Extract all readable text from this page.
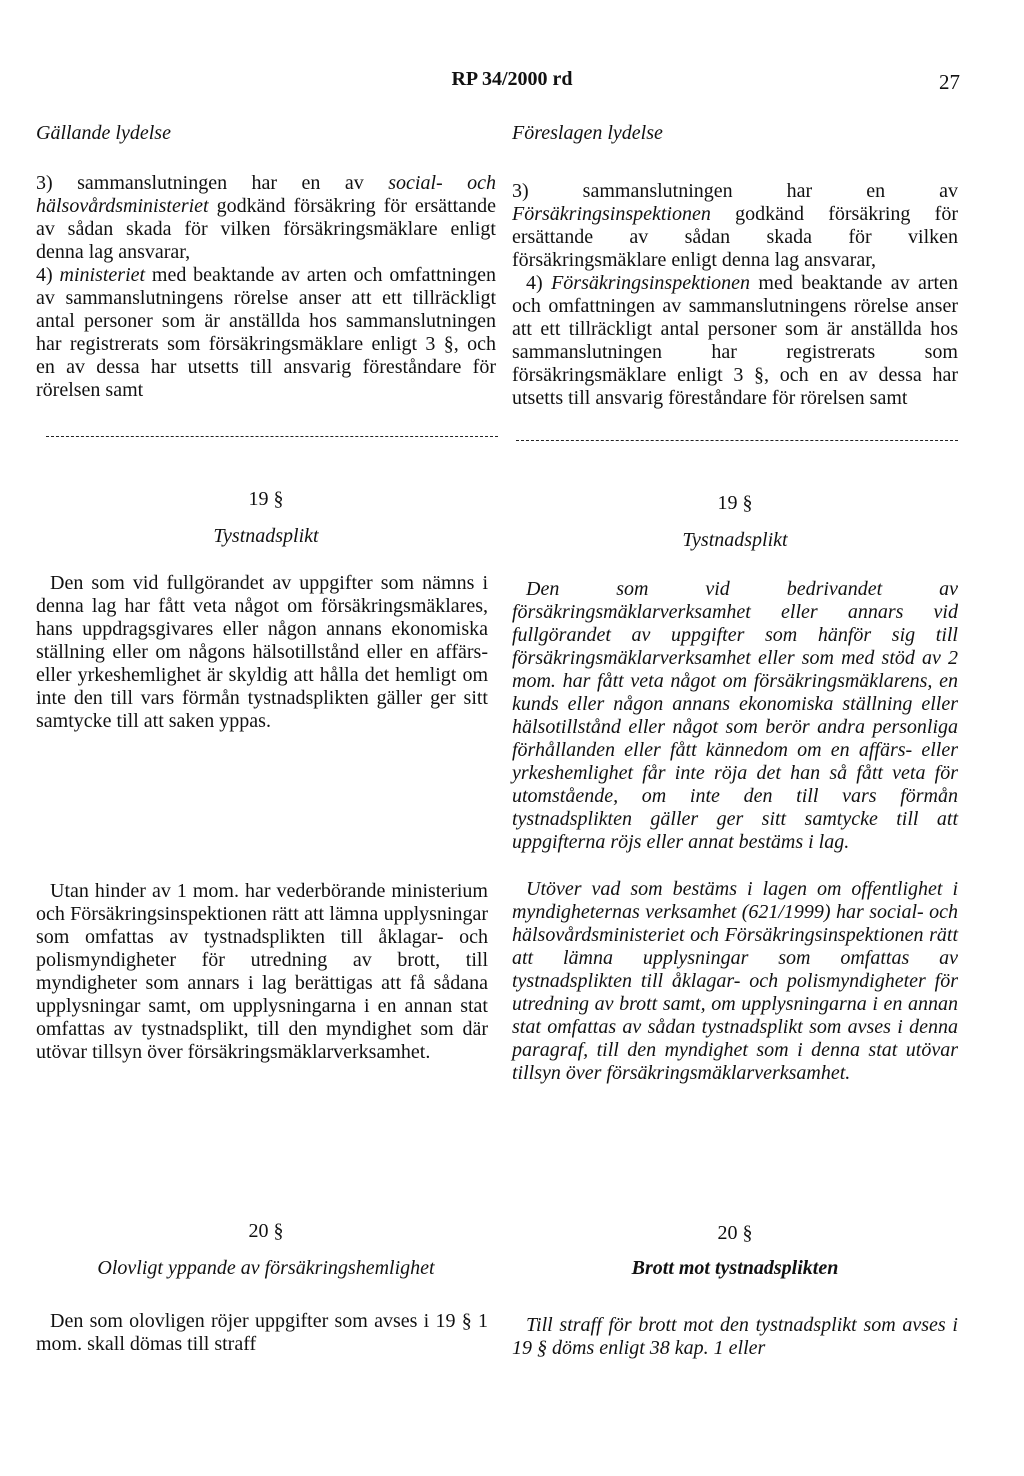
RP 34/2000 rd	27
Gällande lydelse

3) sammanslutningen har en av social- och hälsovårdsministeriet godkänd försäkring för ersättande av sådan skada för vilken försäkringsmäklare enligt denna lag ansvarar,

4) ministeriet med beaktande av arten och omfattningen av sammanslutningens rörelse anser att ett tillräckligt antal personer som är anställda hos sammanslutningen har registrerats som försäkringsmäklare enligt 3 §, och en av dessa har utsetts till ansvarig föreståndare för rörelsen samt

19 §
Tystnadsplikt

Den som vid fullgörandet av uppgifter som nämns i denna lag har fått veta något om försäkringsmäklares, hans uppdragsgivares eller någon annans ekonomiska ställning eller om någons hälsotillstånd eller en affärs- eller yrkeshemlighet är skyldig att hålla det hemligt om inte den till vars förmån tystnadsplikten gäller ger sitt samtycke till att saken yppas.

Utan hinder av 1 mom. har vederbörande ministerium och Försäkringsinspektionen rätt att lämna upplysningar som omfattas av tystnadsplikten till åklagar- och polismyndigheter för utredning av brott, till myndigheter som annars i lag berättigas att få sådana upplysningar samt, om upplysningarna i en annan stat omfattas av tystnadsplikt, till den myndighet som där utövar tillsyn över försäkringsmäklarverksamhet.

20 §
Olovligt yppande av försäkringshemlighet

Den som olovligen röjer uppgifter som avses i 19 § 1 mom. skall dömas till straff

Föreslagen lydelse

3) sammanslutningen har en av Försäkringsinspektionen godkänd försäkring för ersättande av sådan skada för vilken försäkringsmäklare enligt denna lag ansvarar,

4) Försäkringsinspektionen med beaktande av arten och omfattningen av sammanslutningens rörelse anser att ett tillräckligt antal personer som är anställda hos sammanslutningen har registrerats som försäkringsmäklare enligt 3 §, och en av dessa har utsetts till ansvarig föreståndare för rörelsen samt

19 §
Tystnadsplikt

Den som vid bedrivandet av försäkringsmäklarverksamhet eller annars vid fullgörandet av uppgifter som hänför sig till försäkringsmäklarverksamhet eller som med stöd av 2 mom. har fått veta något om försäkringsmäklarens, en kunds eller någon annans ekonomiska ställning eller hälsotillstånd eller något som berör andra personliga förhållanden eller fått kännedom om en affärs- eller yrkeshemlighet får inte röja det han så fått veta för utomstående, om inte den till vars förmån tystnadsplikten gäller ger sitt samtycke till att uppgifterna röjs eller annat bestäms i lag.

Utöver vad som bestäms i lagen om offentlighet i myndigheternas verksamhet (621/1999) har social- och hälsovårdsministeriet och Försäkringsinspektionen rätt att lämna upplysningar som omfattas av tystnadsplikten till åklagar- och polismyndigheter för utredning av brott samt, om upplysningarna i en annan stat omfattas av sådan tystnadsplikt som avses i denna paragraf, till den myndighet som i denna stat utövar tillsyn över försäkringsmäklarverksamhet.

20 §
Brott mot tystnadsplikten

Till straff för brott mot den tystnadsplikt som avses i 19 § döms enligt 38 kap. 1 eller
